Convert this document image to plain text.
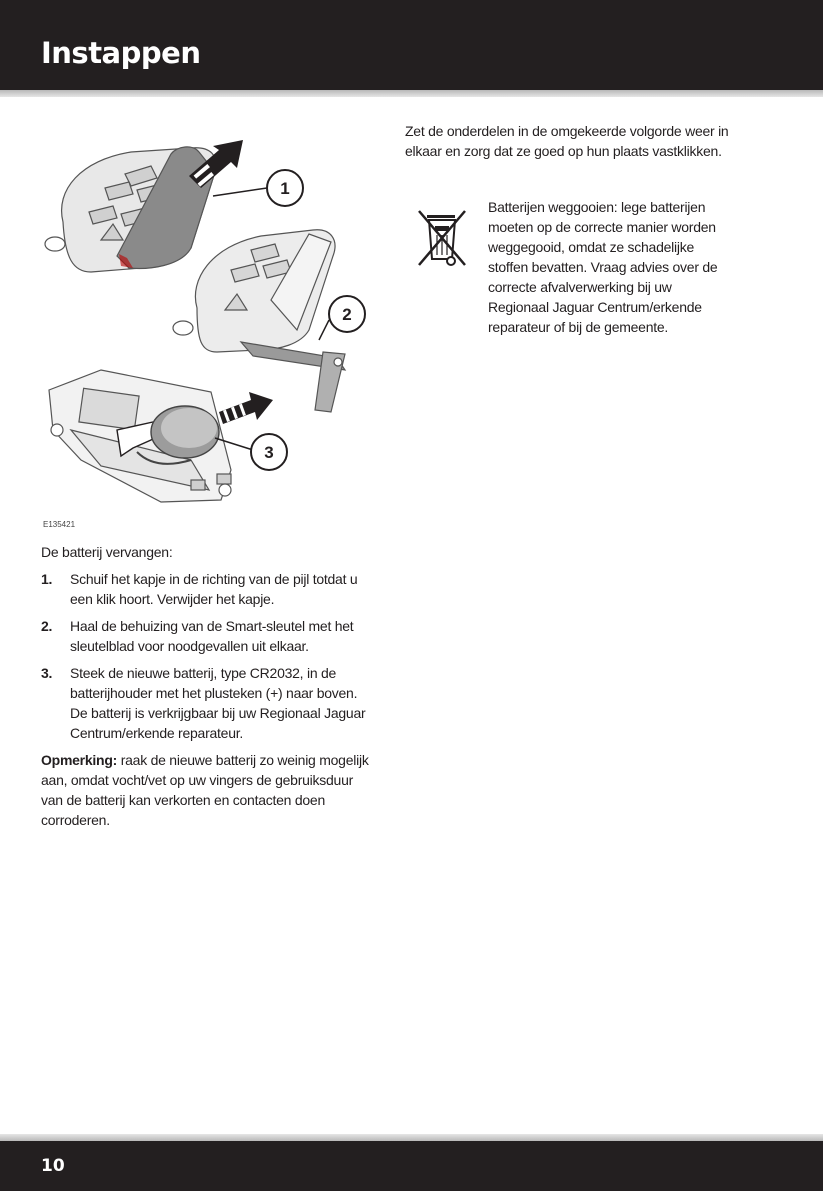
Instappen
1
2
3
E135421

De batterij vervangen:

1.	Schuif het kapje in de richting van de pijl totdat u een klik hoort. Verwijder het kapje.
2.	Haal de behuizing van de Smart-sleutel met het sleutelblad voor noodgevallen uit elkaar.
3.	Steek de nieuwe batterij, type CR2032, in de batterijhouder met het plusteken (+) naar boven. De batterij is verkrijgbaar bij uw Regionaal Jaguar Centrum/erkende reparateur.

Opmerking: raak de nieuwe batterij zo weinig mogelijk aan, omdat vocht/vet op uw vingers de gebruiksduur van de batterij kan verkorten en contacten doen corroderen.

Zet de onderdelen in de omgekeerde volgorde weer in elkaar en zorg dat ze goed op hun plaats vastklikken.
Batterijen weggooien: lege batterijen moeten op de correcte manier worden weggegooid, omdat ze schadelijke stoffen bevatten. Vraag advies over de correcte afvalverwerking bij uw Regionaal Jaguar Centrum/erkende reparateur of bij de gemeente.
10
